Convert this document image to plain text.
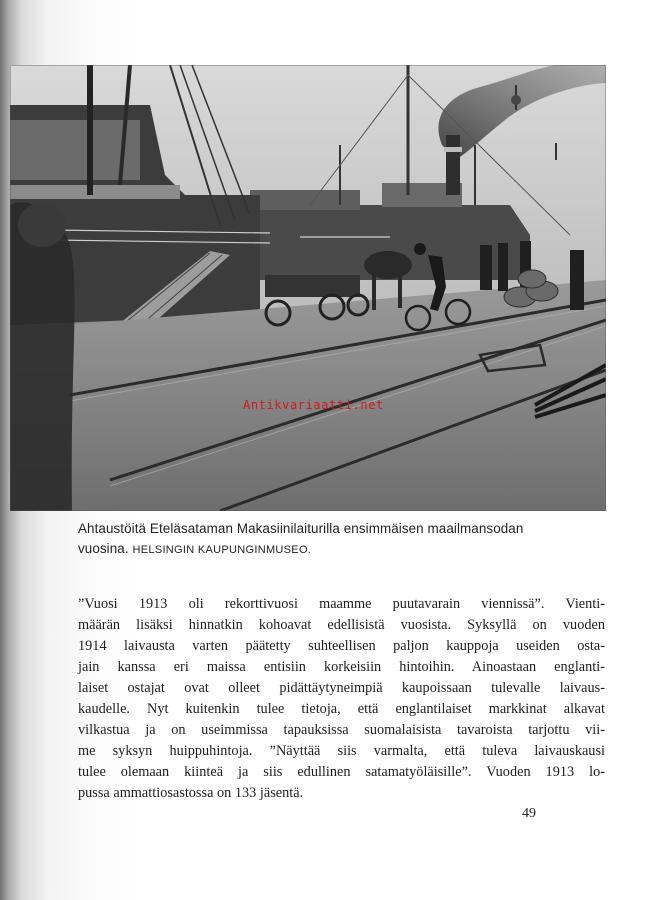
Antikvariaatti.net
Ahtaustöitä Eteläsataman Makasiinilaiturilla ensimmäisen maailmansodan
vuosina. HELSINGIN KAUPUNGINMUSEO.
”Vuosi 1913 oli rekorttivuosi maamme puutavarain viennissä”. Vienti-
määrän lisäksi hinnatkin kohoavat edellisistä vuosista. Syksyllä on vuoden
1914 laivausta varten päätetty suhteellisen paljon kauppoja useiden osta-
jain kanssa eri maissa entisiin korkeisiin hintoihin. Ainoastaan englanti-
laiset ostajat ovat olleet pidättäytyneimpiä kaupoissaan tulevalle laivaus-
kaudelle. Nyt kuitenkin tulee tietoja, että englantilaiset markkinat alkavat
vilkastua ja on useimmissa tapauksissa suomalaisista tavaroista tarjottu vii-
me syksyn huippuhintoja. ”Näyttää siis varmalta, että tuleva laivauskausi
tulee olemaan kiinteä ja siis edullinen satamatyöläisille”. Vuoden 1913 lo-
pussa ammattiosastossa on 133 jäsentä.
49
